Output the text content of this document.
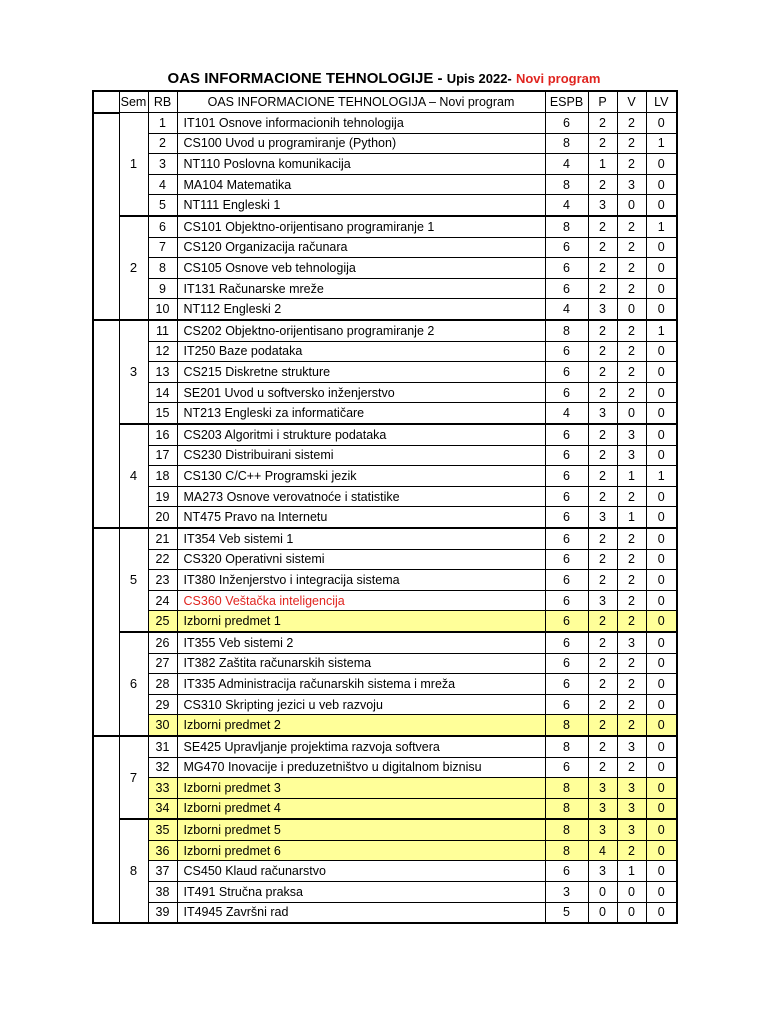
OAS INFORMACIONE TEHNOLOGIJE - Upis 2022- Novi program
	Sem	RB	OAS INFORMACIONE TEHNOLOGIJA – Novi program	ESPB	P	V	LV
	1	1	IT101 Osnove informacionih tehnologija	6	2	2	0
		2	CS100 Uvod u programiranje (Python)	8	2	2	1
		3	NT110 Poslovna komunikacija	4	1	2	0
		4	MA104 Matematika	8	2	3	0
		5	NT111 Engleski 1	4	3	0	0
	2	6	CS101 Objektno-orijentisano programiranje 1	8	2	2	1
		7	CS120 Organizacija računara	6	2	2	0
		8	CS105 Osnove veb tehnologija	6	2	2	0
		9	IT131 Računarske mreže	6	2	2	0
		10	NT112 Engleski 2	4	3	0	0
	3	11	CS202 Objektno-orijentisano programiranje 2	8	2	2	1
		12	IT250 Baze podataka	6	2	2	0
		13	CS215 Diskretne strukture	6	2	2	0
		14	SE201 Uvod u softversko inženjerstvo	6	2	2	0
		15	NT213 Engleski za informatičare	4	3	0	0
	4	16	CS203 Algoritmi i strukture podataka	6	2	3	0
		17	CS230 Distribuirani sistemi	6	2	3	0
		18	CS130 C/C++ Programski jezik	6	2	1	1
		19	MA273 Osnove verovatnoće i statistike	6	2	2	0
		20	NT475 Pravo na Internetu	6	3	1	0
	5	21	IT354 Veb sistemi 1	6	2	2	0
		22	CS320 Operativni sistemi	6	2	2	0
		23	IT380 Inženjerstvo i integracija sistema	6	2	2	0
		24	CS360 Veštačka inteligencija	6	3	2	0
		25	Izborni predmet 1	6	2	2	0
	6	26	IT355 Veb sistemi 2	6	2	3	0
		27	IT382 Zaštita računarskih sistema	6	2	2	0
		28	IT335 Administracija računarskih sistema i mreža	6	2	2	0
		29	CS310 Skripting jezici u veb razvoju	6	2	2	0
		30	Izborni predmet 2	8	2	2	0
	7	31	SE425 Upravljanje projektima razvoja softvera	8	2	3	0
		32	MG470 Inovacije i preduzetništvo u digitalnom biznisu	6	2	2	0
		33	Izborni predmet 3	8	3	3	0
		34	Izborni predmet 4	8	3	3	0
	8	35	Izborni predmet 5	8	3	3	0
		36	Izborni predmet 6	8	4	2	0
		37	CS450 Klaud računarstvo	6	3	1	0
		38	IT491 Stručna praksa	3	0	0	0
		39	IT4945 Završni rad	5	0	0	0
